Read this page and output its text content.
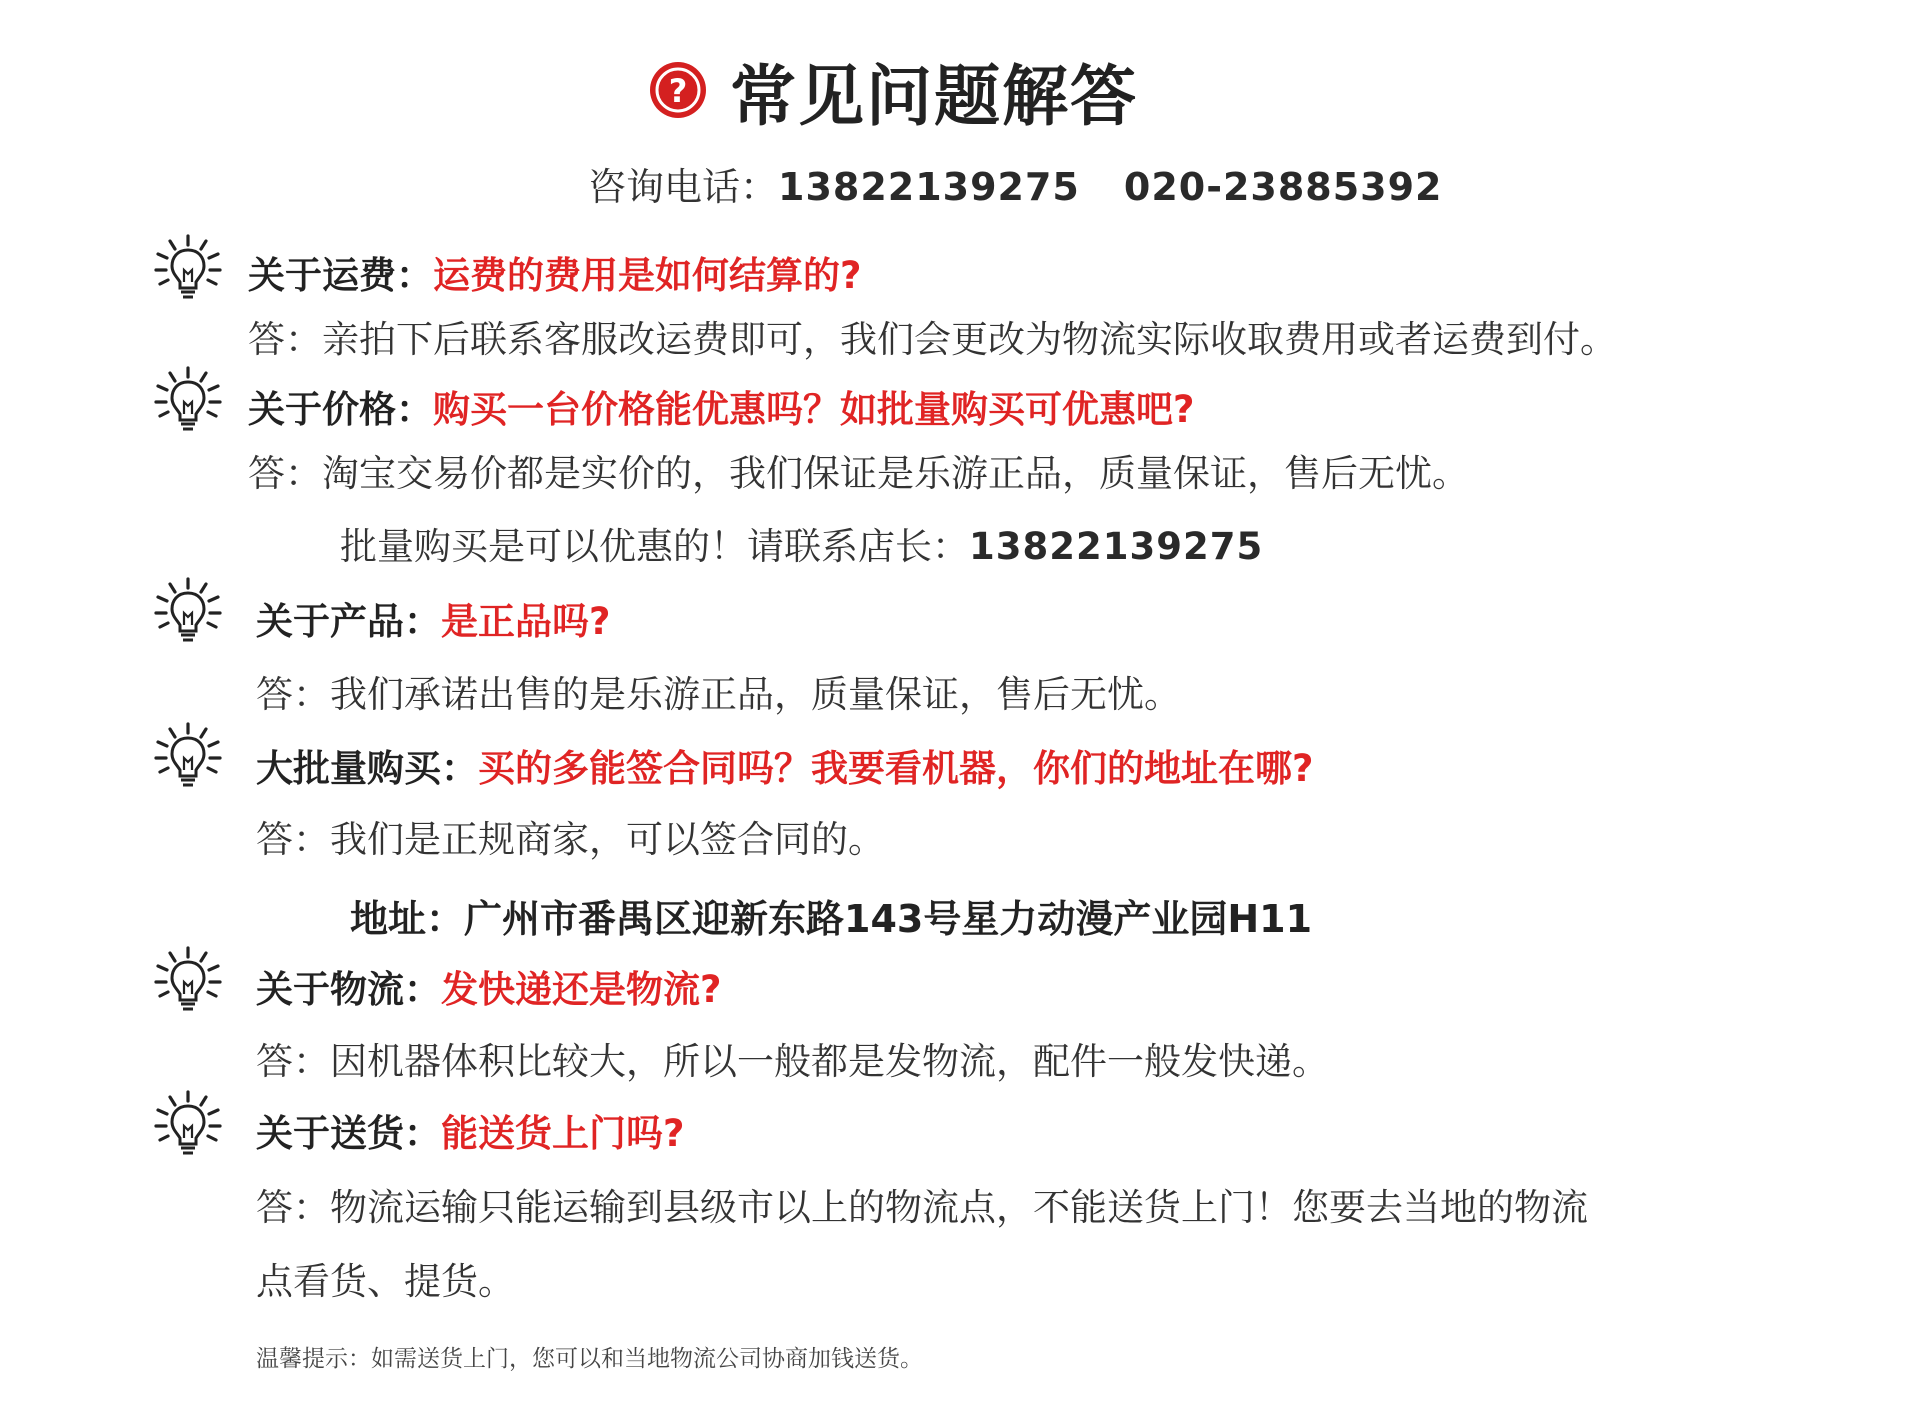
? 常见问题解答
咨询电话：13822139275 020-23885392
关于运费：运费的费用是如何结算的?
答：亲拍下后联系客服改运费即可，我们会更改为物流实际收取费用或者运费到付。
关于价格：购买一台价格能优惠吗？如批量购买可优惠吧?
答：淘宝交易价都是实价的，我们保证是乐游正品，质量保证，售后无忧。
批量购买是可以优惠的！请联系店长：13822139275
关于产品：是正品吗?
答：我们承诺出售的是乐游正品，质量保证，售后无忧。
大批量购买：买的多能签合同吗？我要看机器，你们的地址在哪?
答：我们是正规商家，可以签合同的。
地址：广州市番禺区迎新东路143号星力动漫产业园H11
关于物流：发快递还是物流?
答：因机器体积比较大，所以一般都是发物流，配件一般发快递。
关于送货：能送货上门吗?
答：物流运输只能运输到县级市以上的物流点，不能送货上门！您要去当地的物流
点看货、提货。
温馨提示：如需送货上门，您可以和当地物流公司协商加钱送货。
